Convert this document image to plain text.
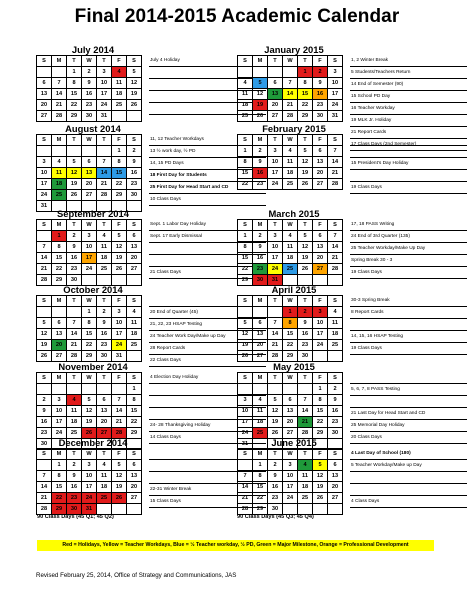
Final 2014-2015 Academic Calendar
July 2014
S	M	T	W	T	F	S
		1	2	3	4	5
6	7	8	9	10	11	12
13	14	15	16	17	18	19
20	21	22	23	24	25	26
27	28	29	30	31		
July 4 Holiday
January 2015
S	M	T	W	T	F	S
				1	2	3
4	5	6	7	8	9	10
11	12	13	14	15	16	17
18	19	20	21	22	23	24
25	26	27	28	29	30	31
1, 2 Winter Break
5 Students/Teachers Return
14 End of Semester (90)
15 School PD Day
16 Teacher Workday
19 MLK Jr. Holiday
21 Report Cards
17 Class Days (2nd Semester)
August 2014
S	M	T	W	T	F	S
					1	2
3	4	5	6	7	8	9
10	11	12	13	14	15	16
17	18	19	20	21	22	23
24	25	26	27	28	29	30
31						
11, 12 Teacher Workdays
13 ½ work day, ½ PD
14, 15 PD Days
18 First Day for Students
25 First Day for Head Start and CD
10 Class Days
February 2015
S	M	T	W	T	F	S
1	2	3	4	5	6	7
8	9	10	11	12	13	14
15	16	17	18	19	20	21
22	23	24	25	26	27	28
15 President's Day Holiday
19 Class Days
September 2014
S	M	T	W	T	F	S
	1	2	3	4	5	6
7	8	9	10	11	12	13
14	15	16	17	18	19	20
21	22	23	24	25	26	27
28	29	30				
Sept. 1 Labor Day Holiday
Sept. 17 Early Dismissal
21 Class Days
March 2015
S	M	T	W	T	F	S
1	2	3	4	5	6	7
8	9	10	11	12	13	14
15	16	17	18	19	20	21
22	23	24	25	26	27	28
29	30	31				
17, 18 PASS Writing
24 End of 3rd Quarter (135)
25 Teacher Workday/Make Up Day
Spring Break 30 - 3
19 Class Days
October 2014
S	M	T	W	T	F	S
			1	2	3	4
5	6	7	8	9	10	11
12	13	14	15	16	17	18
19	20	21	22	23	24	25
26	27	28	29	30	31	
20 End of Quarter (45)
21, 22, 23 HSAP Testing
24 Teacher Work Day/Make up Day
28 Report Cards
22 Class Days
April 2015
S	M	T	W	T	F	S
			1	2	3	4
5	6	7	8	9	10	11
12	13	14	15	16	17	18
19	20	21	22	23	24	25
26	27	28	29	30		
30-3 Spring Break
8 Report Cards
14, 15, 16 HSAP Testing
19 Class Days
November 2014
S	M	T	W	T	F	S
						1
2	3	4	5	6	7	8
9	10	11	12	13	14	15
16	17	18	19	20	21	22
23	24	25	26	27	28	29
30						
4 Election Day Holiday
24- 28 Thanksgiving Holiday
14 Class Days
May 2015
S	M	T	W	T	F	S
					1	2
3	4	5	6	7	8	9
10	11	12	13	14	15	16
17	18	19	20	21	22	23
24	25	26	27	28	29	30
31						
5, 6, 7, 8 PASS Testing
21 Last Day for Head Start and CD
25 Memorial Day Holiday
20 Class Days
December 2014
S	M	T	W	T	F	S
	1	2	3	4	5	6
7	8	9	10	11	12	13
14	15	16	17	18	19	20
21	22	23	24	25	26	27
28	29	30	31			
22-31 Winter Break
15 Class Days
June 2015
S	M	T	W	T	F	S
	1	2	3	4	5	6
7	8	9	10	11	12	13
14	15	16	17	18	19	20
21	22	23	24	25	26	27
28	29	30				
4 Last Day of School (180)
5 Teacher Workday/Make up Day
4 Class Days
90 Class Days (45 Q1; 45 Q2)	90 Class Days (45 Q3; 45 Q4)
Red = Holidays, Yellow = Teacher Workdays, Blue = ½ Teacher workday, ½ PD, Green = Major Milestone, Orange = Professional Development
Revised February 25, 2014, Office of Strategy and Communications, JAS
